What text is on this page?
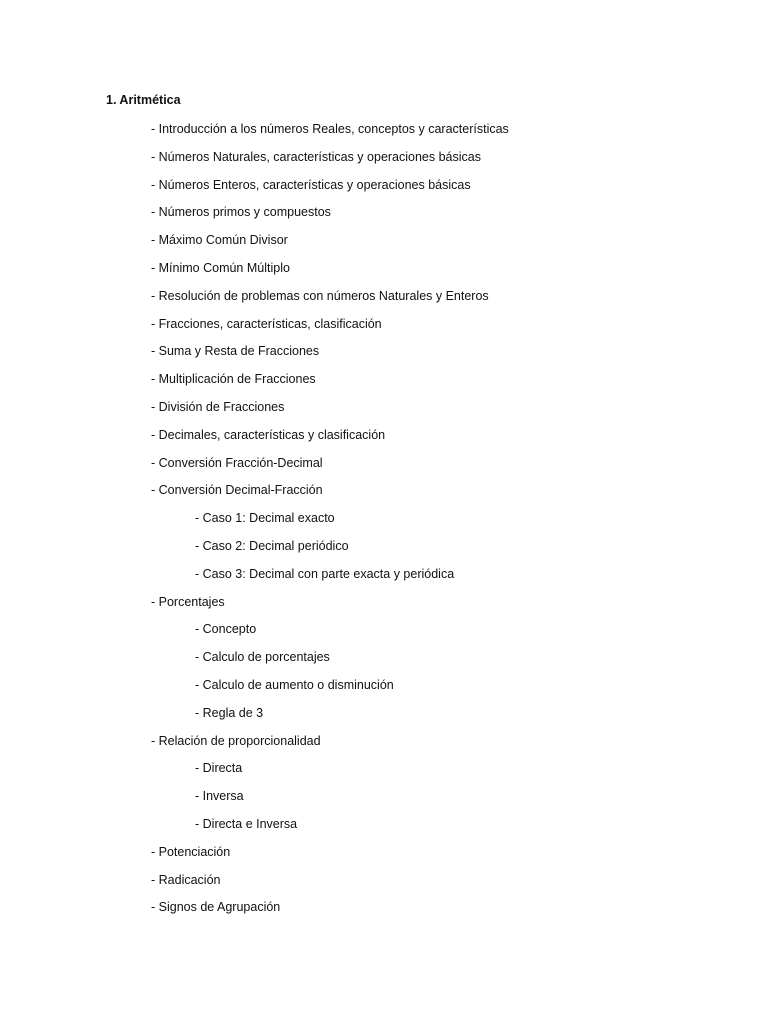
1. Aritmética
- Introducción a los números Reales, conceptos y características
- Números Naturales, características y operaciones básicas
- Números Enteros, características y operaciones básicas
- Números primos y compuestos
- Máximo Común Divisor
- Mínimo Común Múltiplo
- Resolución de problemas con números Naturales y Enteros
- Fracciones, características, clasificación
- Suma y Resta de Fracciones
- Multiplicación de Fracciones
- División de Fracciones
- Decimales, características y clasificación
- Conversión Fracción-Decimal
- Conversión Decimal-Fracción
- Caso 1: Decimal exacto
- Caso 2: Decimal periódico
- Caso 3: Decimal con parte exacta y periódica
- Porcentajes
- Concepto
- Calculo de porcentajes
- Calculo de aumento o disminución
- Regla de 3
- Relación de proporcionalidad
- Directa
- Inversa
- Directa e Inversa
- Potenciación
- Radicación
- Signos de Agrupación
